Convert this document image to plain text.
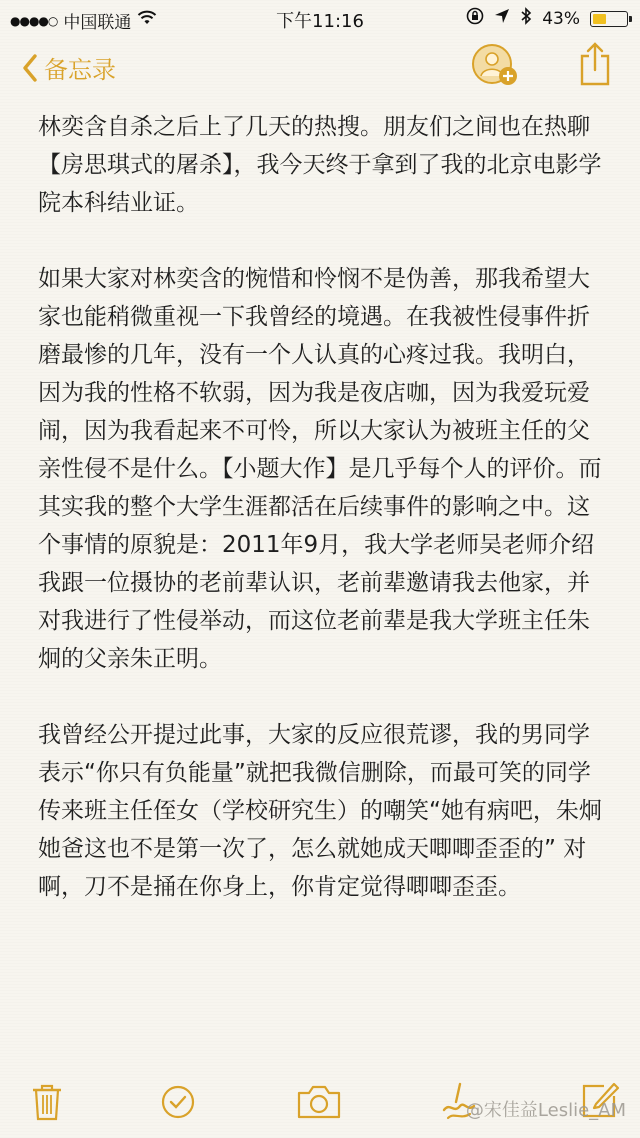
●●●●○ 中国联通	下午11:16	43%
备忘录

林奕含自杀之后上了几天的热搜。朋友们之间也在热聊【房思琪式的屠杀】，我今天终于拿到了我的北京电影学院本科结业证。

如果大家对林奕含的惋惜和怜悯不是伪善，那我希望大家也能稍微重视一下我曾经的境遇。在我被性侵事件折磨最惨的几年，没有一个人认真的心疼过我。我明白，因为我的性格不软弱，因为我是夜店咖，因为我爱玩爱闹，因为我看起来不可怜，所以大家认为被班主任的父亲性侵不是什么。【小题大作】是几乎每个人的评价。而其实我的整个大学生涯都活在后续事件的影响之中。这个事情的原貌是：2011年9月，我大学老师吴老师介绍我跟一位摄协的老前辈认识，老前辈邀请我去他家，并对我进行了性侵举动，而这位老前辈是我大学班主任朱炯的父亲朱正明。

我曾经公开提过此事，大家的反应很荒谬，我的男同学表示“你只有负能量”就把我微信删除，而最可笑的同学传来班主任侄女（学校研究生）的嘲笑“她有病吧，朱炯她爸这也不是第一次了，怎么就她成天唧唧歪歪的” 对啊，刀不是捅在你身上，你肯定觉得唧唧歪歪。

@宋佳益Leslie_AM
